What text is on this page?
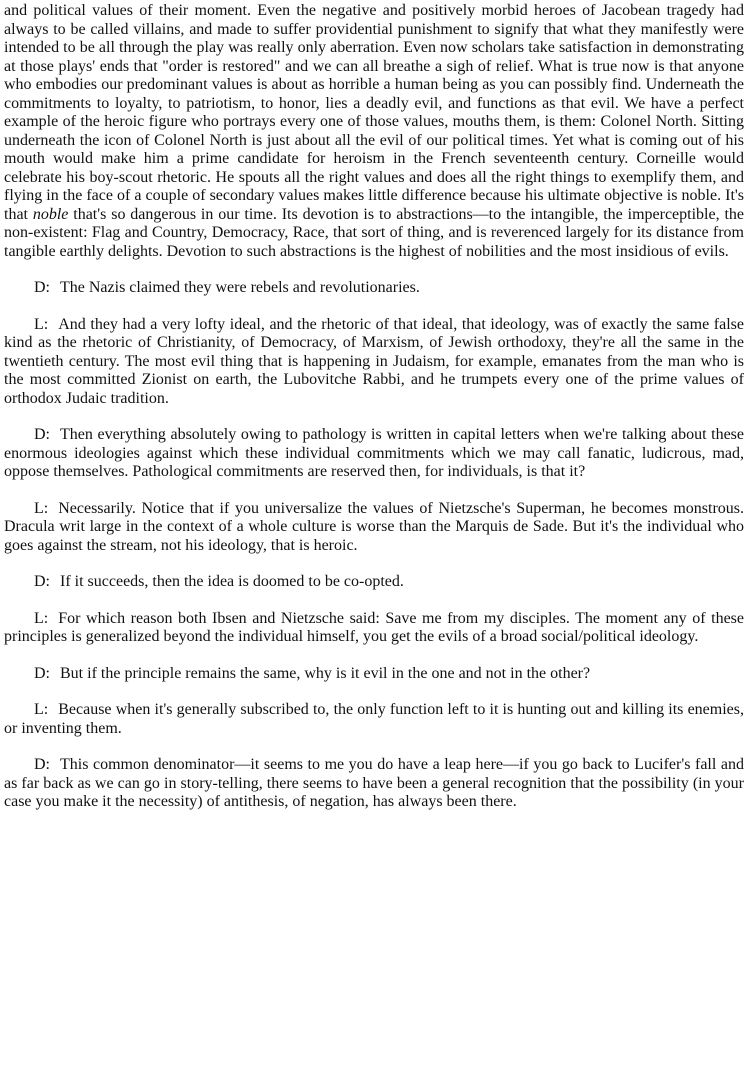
and political values of their moment. Even the negative and positively morbid heroes of Jacobean tragedy had always to be called villains, and made to suffer providential punishment to signify that what they manifestly were intended to be all through the play was really only aberration. Even now scholars take satisfaction in demonstrating at those plays' ends that "order is restored" and we can all breathe a sigh of relief. What is true now is that anyone who embodies our predominant values is about as horrible a human being as you can possibly find. Underneath the commitments to loyalty, to patriotism, to honor, lies a deadly evil, and functions as that evil. We have a perfect example of the heroic figure who portrays every one of those values, mouths them, is them: Colonel North. Sitting underneath the icon of Colonel North is just about all the evil of our political times. Yet what is coming out of his mouth would make him a prime candidate for heroism in the French seventeenth century. Corneille would celebrate his boy-scout rhetoric. He spouts all the right values and does all the right things to exemplify them, and flying in the face of a couple of secondary values makes little difference because his ultimate objective is noble. It's that noble that's so dangerous in our time. Its devotion is to abstractions—to the intangible, the imperceptible, the non-existent: Flag and Country, Democracy, Race, that sort of thing, and is reverenced largely for its distance from tangible earthly delights. Devotion to such abstractions is the highest of nobilities and the most insidious of evils.

D: The Nazis claimed they were rebels and revolutionaries.

L: And they had a very lofty ideal, and the rhetoric of that ideal, that ideology, was of exactly the same false kind as the rhetoric of Christianity, of Democracy, of Marxism, of Jewish orthodoxy, they're all the same in the twentieth century. The most evil thing that is happening in Judaism, for example, emanates from the man who is the most committed Zionist on earth, the Lubovitche Rabbi, and he trumpets every one of the prime values of orthodox Judaic tradition.

D: Then everything absolutely owing to pathology is written in capital letters when we're talking about these enormous ideologies against which these individual commitments which we may call fanatic, ludicrous, mad, oppose themselves. Pathological commitments are reserved then, for individuals, is that it?

L: Necessarily. Notice that if you universalize the values of Nietzsche's Superman, he becomes monstrous. Dracula writ large in the context of a whole culture is worse than the Marquis de Sade. But it's the individual who goes against the stream, not his ideology, that is heroic.

D: If it succeeds, then the idea is doomed to be co-opted.

L: For which reason both Ibsen and Nietzsche said: Save me from my disciples. The moment any of these principles is generalized beyond the individual himself, you get the evils of a broad social/political ideology.

D: But if the principle remains the same, why is it evil in the one and not in the other?

L: Because when it's generally subscribed to, the only function left to it is hunting out and killing its enemies, or inventing them.

D: This common denominator—it seems to me you do have a leap here—if you go back to Lucifer's fall and as far back as we can go in story-telling, there seems to have been a general recognition that the possibility (in your case you make it the necessity) of antithesis, of negation, has always been there.
